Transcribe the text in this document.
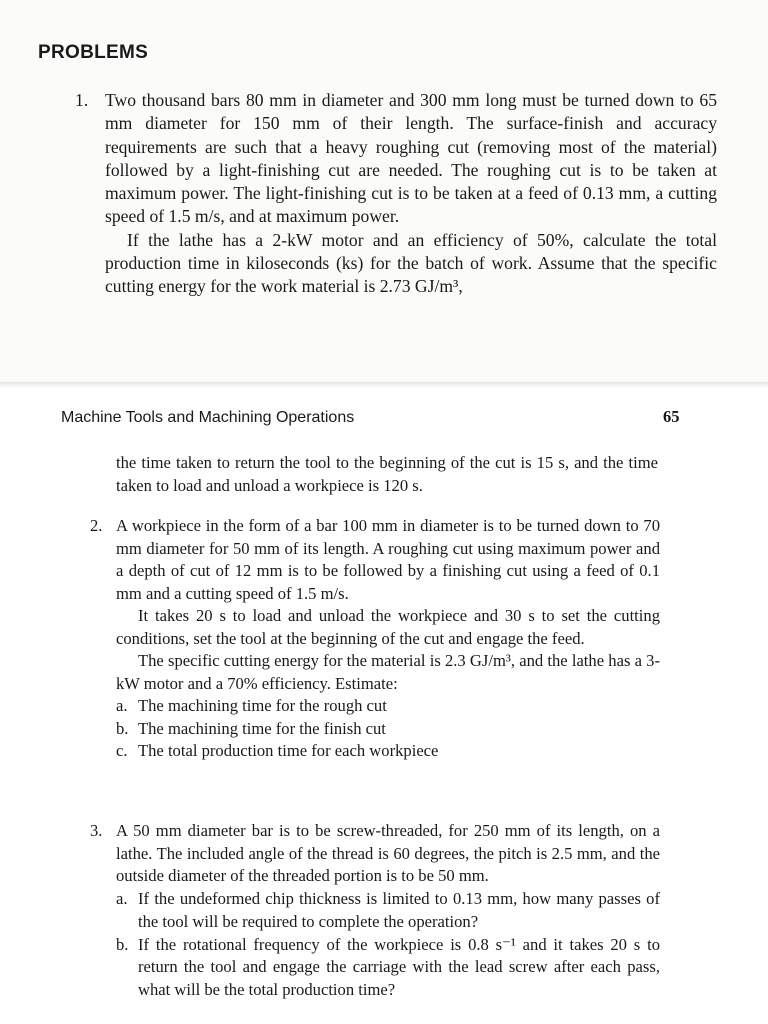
PROBLEMS
1. Two thousand bars 80 mm in diameter and 300 mm long must be turned down to 65 mm diameter for 150 mm of their length. The surface-finish and accuracy requirements are such that a heavy roughing cut (removing most of the material) followed by a light-finishing cut are needed. The roughing cut is to be taken at maximum power. The light-finishing cut is to be taken at a feed of 0.13 mm, a cutting speed of 1.5 m/s, and at maximum power.
If the lathe has a 2-kW motor and an efficiency of 50%, calculate the total production time in kiloseconds (ks) for the batch of work. Assume that the specific cutting energy for the work material is 2.73 GJ/m³,
Machine Tools and Machining Operations	65
the time taken to return the tool to the beginning of the cut is 15 s, and the time taken to load and unload a workpiece is 120 s.
2. A workpiece in the form of a bar 100 mm in diameter is to be turned down to 70 mm diameter for 50 mm of its length. A roughing cut using maximum power and a depth of cut of 12 mm is to be followed by a finishing cut using a feed of 0.1 mm and a cutting speed of 1.5 m/s.
It takes 20 s to load and unload the workpiece and 30 s to set the cutting conditions, set the tool at the beginning of the cut and engage the feed.
The specific cutting energy for the material is 2.3 GJ/m³, and the lathe has a 3-kW motor and a 70% efficiency. Estimate:
a. The machining time for the rough cut
b. The machining time for the finish cut
c. The total production time for each workpiece
3. A 50 mm diameter bar is to be screw-threaded, for 250 mm of its length, on a lathe. The included angle of the thread is 60 degrees, the pitch is 2.5 mm, and the outside diameter of the threaded portion is to be 50 mm.
a. If the undeformed chip thickness is limited to 0.13 mm, how many passes of the tool will be required to complete the operation?
b. If the rotational frequency of the workpiece is 0.8 s⁻¹ and it takes 20 s to return the tool and engage the carriage with the lead screw after each pass, what will be the total production time?
